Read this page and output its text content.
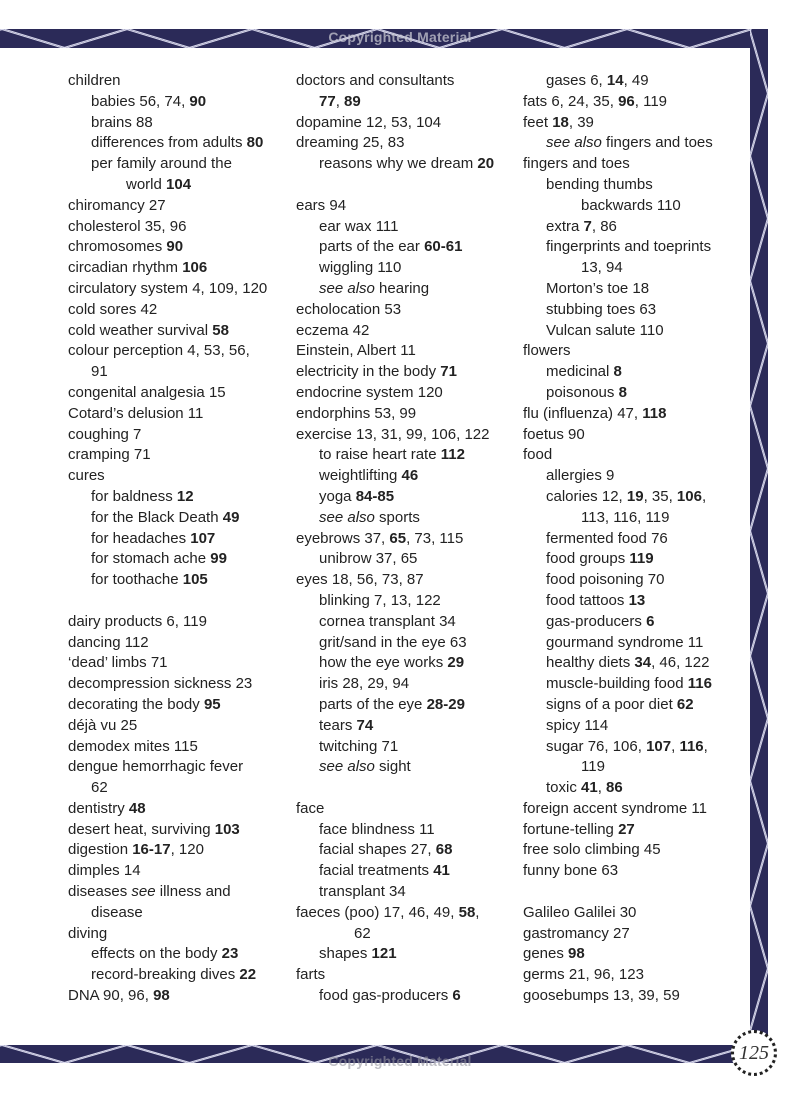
Copyrighted Material
Copyrighted Material
children
babies 56, 74, 90
brains 88
differences from adults 80
per family around the
world 104
chiromancy 27
cholesterol 35, 96
chromosomes 90
circadian rhythm 106
circulatory system 4, 109, 120
cold sores 42
cold weather survival 58
colour perception 4, 53, 56,
91
congenital analgesia 15
Cotard’s delusion 11
coughing 7
cramping 71
cures
for baldness 12
for the Black Death 49
for headaches 107
for stomach ache 99
for toothache 105
dairy products 6, 119
dancing 112
‘dead’ limbs 71
decompression sickness 23
decorating the body 95
déjà vu 25
demodex mites 115
dengue hemorrhagic fever
62
dentistry 48
desert heat, surviving 103
digestion 16-17, 120
dimples 14
diseases see illness and
disease
diving
effects on the body 23
record-breaking dives 22
DNA 90, 96, 98
doctors and consultants
77, 89
dopamine 12, 53, 104
dreaming 25, 83
reasons why we dream 20
ears 94
ear wax 111
parts of the ear 60-61
wiggling 110
see also hearing
echolocation 53
eczema 42
Einstein, Albert 11
electricity in the body 71
endocrine system 120
endorphins 53, 99
exercise 13, 31, 99, 106, 122
to raise heart rate 112
weightlifting 46
yoga 84-85
see also sports
eyebrows 37, 65, 73, 115
unibrow 37, 65
eyes 18, 56, 73, 87
blinking 7, 13, 122
cornea transplant 34
grit/sand in the eye 63
how the eye works 29
iris 28, 29, 94
parts of the eye 28-29
tears 74
twitching 71
see also sight
face
face blindness 11
facial shapes 27, 68
facial treatments 41
transplant 34
faeces (poo) 17, 46, 49, 58,
62
shapes 121
farts
food gas-producers 6
gases 6, 14, 49
fats 6, 24, 35, 96, 119
feet 18, 39
see also fingers and toes
fingers and toes
bending thumbs
backwards 110
extra 7, 86
fingerprints and toeprints
13, 94
Morton’s toe 18
stubbing toes 63
Vulcan salute 110
flowers
medicinal 8
poisonous 8
flu (influenza) 47, 118
foetus 90
food
allergies 9
calories 12, 19, 35, 106,
113, 116, 119
fermented food 76
food groups 119
food poisoning 70
food tattoos 13
gas-producers 6
gourmand syndrome 11
healthy diets 34, 46, 122
muscle-building food 116
signs of a poor diet 62
spicy 114
sugar 76, 106, 107, 116,
119
toxic 41, 86
foreign accent syndrome 11
fortune-telling 27
free solo climbing 45
funny bone 63
Galileo Galilei 30
gastromancy 27
genes 98
germs 21, 96, 123
goosebumps 13, 39, 59
125
